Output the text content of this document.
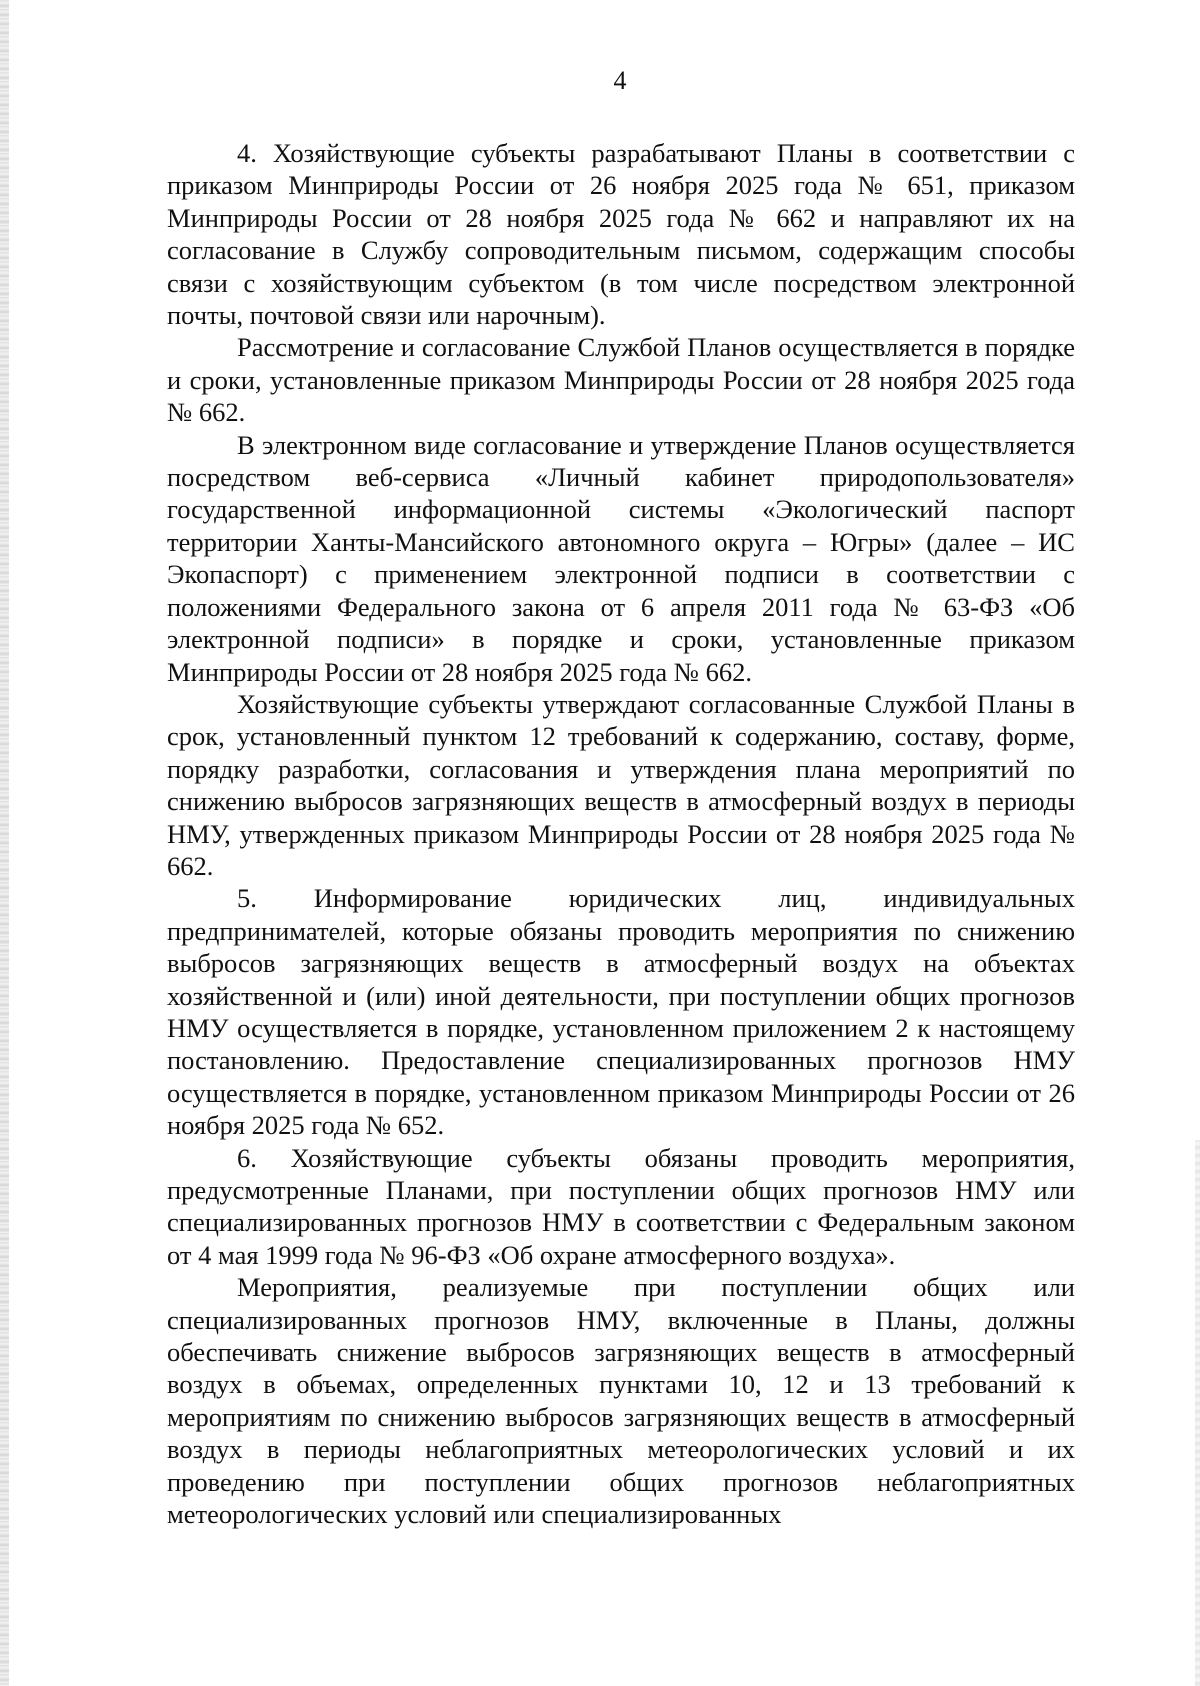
4

4. Хозяйствующие субъекты разрабатывают Планы в соответствии с приказом Минприроды России от 26 ноября 2025 года № 651, приказом Минприроды России от 28 ноября 2025 года № 662 и направляют их на согласование в Службу сопроводительным письмом, содержащим способы связи с хозяйствующим субъектом (в том числе посредством электронной почты, почтовой связи или нарочным).

Рассмотрение и согласование Службой Планов осуществляется в порядке и сроки, установленные приказом Минприроды России от 28 ноября 2025 года № 662.

В электронном виде согласование и утверждение Планов осуществляется посредством веб-сервиса «Личный кабинет природопользователя» государственной информационной системы «Экологический паспорт территории Ханты-Мансийского автономного округа – Югры» (далее – ИС Экопаспорт) с применением электронной подписи в соответствии с положениями Федерального закона от 6 апреля 2011 года № 63-ФЗ «Об электронной подписи» в порядке и сроки, установленные приказом Минприроды России от 28 ноября 2025 года № 662.

Хозяйствующие субъекты утверждают согласованные Службой Планы в срок, установленный пунктом 12 требований к содержанию, составу, форме, порядку разработки, согласования и утверждения плана мероприятий по снижению выбросов загрязняющих веществ в атмосферный воздух в периоды НМУ, утвержденных приказом Минприроды России от 28 ноября 2025 года № 662.

5. Информирование юридических лиц, индивидуальных предпринимателей, которые обязаны проводить мероприятия по снижению выбросов загрязняющих веществ в атмосферный воздух на объектах хозяйственной и (или) иной деятельности, при поступлении общих прогнозов НМУ осуществляется в порядке, установленном приложением 2 к настоящему постановлению. Предоставление специализированных прогнозов НМУ осуществляется в порядке, установленном приказом Минприроды России от 26 ноября 2025 года № 652.

6. Хозяйствующие субъекты обязаны проводить мероприятия, предусмотренные Планами, при поступлении общих прогнозов НМУ или специализированных прогнозов НМУ в соответствии с Федеральным законом от 4 мая 1999 года № 96-ФЗ «Об охране атмосферного воздуха».

Мероприятия, реализуемые при поступлении общих или специализированных прогнозов НМУ, включенные в Планы, должны обеспечивать снижение выбросов загрязняющих веществ в атмосферный воздух в объемах, определенных пунктами 10, 12 и 13 требований к мероприятиям по снижению выбросов загрязняющих веществ в атмосферный воздух в периоды неблагоприятных метеорологических условий и их проведению при поступлении общих прогнозов неблагоприятных метеорологических условий или специализированных
